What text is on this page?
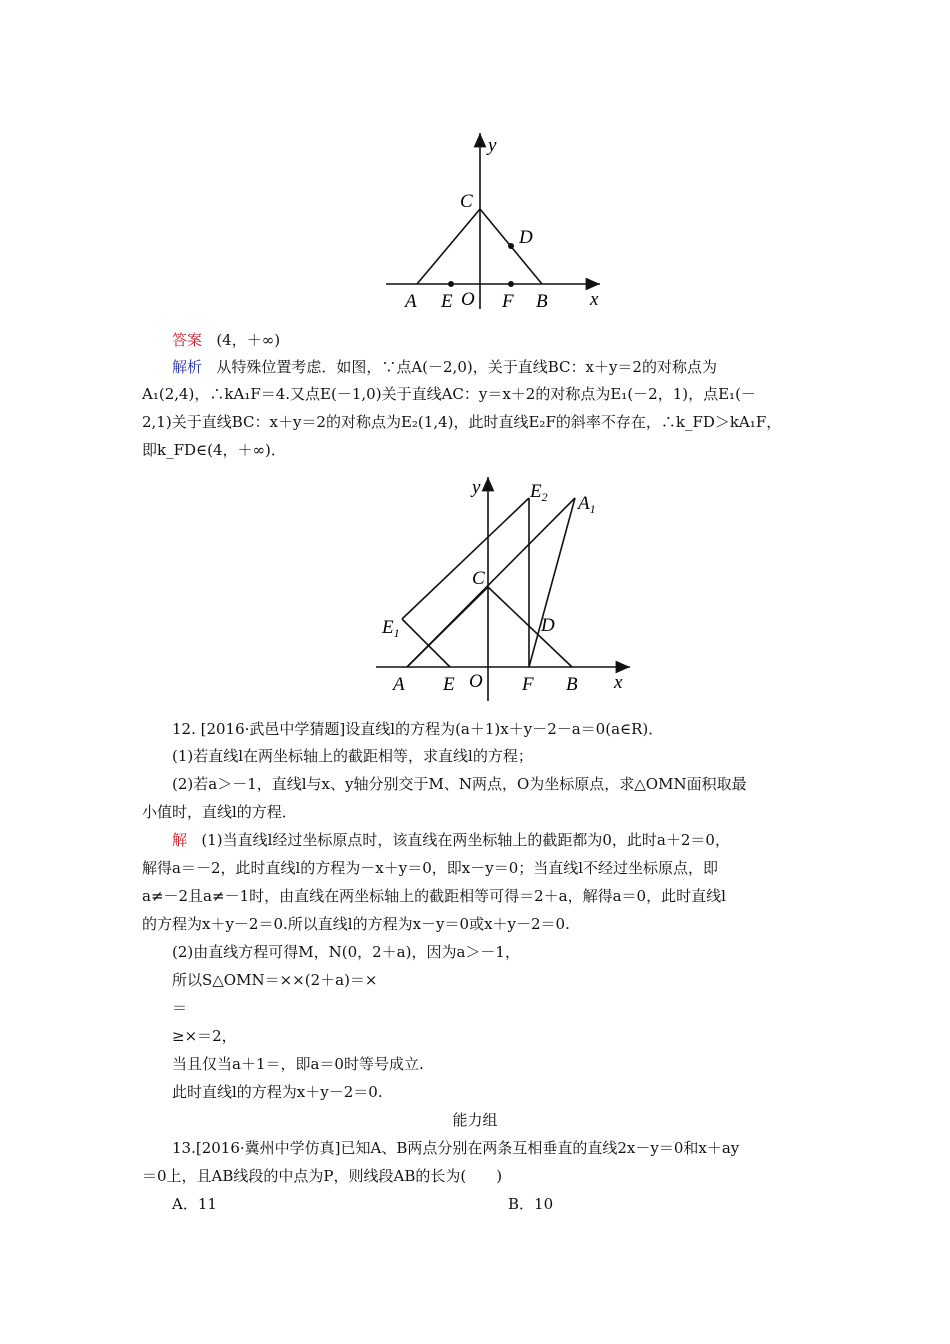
y
x
C
D
A E O F B
答案 (4，＋∞)
解析 从特殊位置考虑．如图，∵点A(－2,0)，关于直线BC：x＋y＝2的对称点为
A₁(2,4)，∴kA₁F＝4.又点E(－1,0)关于直线AC：y＝x＋2的对称点为E₁(－2，1)，点E₁(－
2,1)关于直线BC：x＋y＝2的对称点为E₂(1,4)，此时直线E₂F的斜率不存在，∴k_FD＞kA₁F，
即k_FD∈(4，＋∞)．
y	$E_2$ $A_1$
C
$E_1$	D
A E O F B x
12. [2016·武邑中学猜题]设直线l的方程为(a＋1)x＋y－2－a＝0(a∈R)．
(1)若直线l在两坐标轴上的截距相等，求直线l的方程；
(2)若a＞－1，直线l与x、y轴分别交于M、N两点，O为坐标原点，求△OMN面积取最
小值时，直线l的方程．
解 (1)当直线l经过坐标原点时，该直线在两坐标轴上的截距都为0，此时a＋2＝0，
解得a＝－2，此时直线l的方程为－x＋y＝0，即x－y＝0；当直线l不经过坐标原点，即
a≠－2且a≠－1时，由直线在两坐标轴上的截距相等可得＝2＋a，解得a＝0，此时直线l
的方程为x＋y－2＝0.所以直线l的方程为x－y＝0或x＋y－2＝0.
(2)由直线方程可得M，N(0，2＋a)，因为a＞－1，
所以S△OMN＝××(2＋a)＝×
＝
≥×＝2，
当且仅当a＋1＝，即a＝0时等号成立.
此时直线l的方程为x＋y－2＝0.
能力组
13.[2016·冀州中学仿真]已知A、B两点分别在两条互相垂直的直线2x－y＝0和x＋ay
＝0上，且AB线段的中点为P，则线段AB的长为(　　)
A．11	B．10
